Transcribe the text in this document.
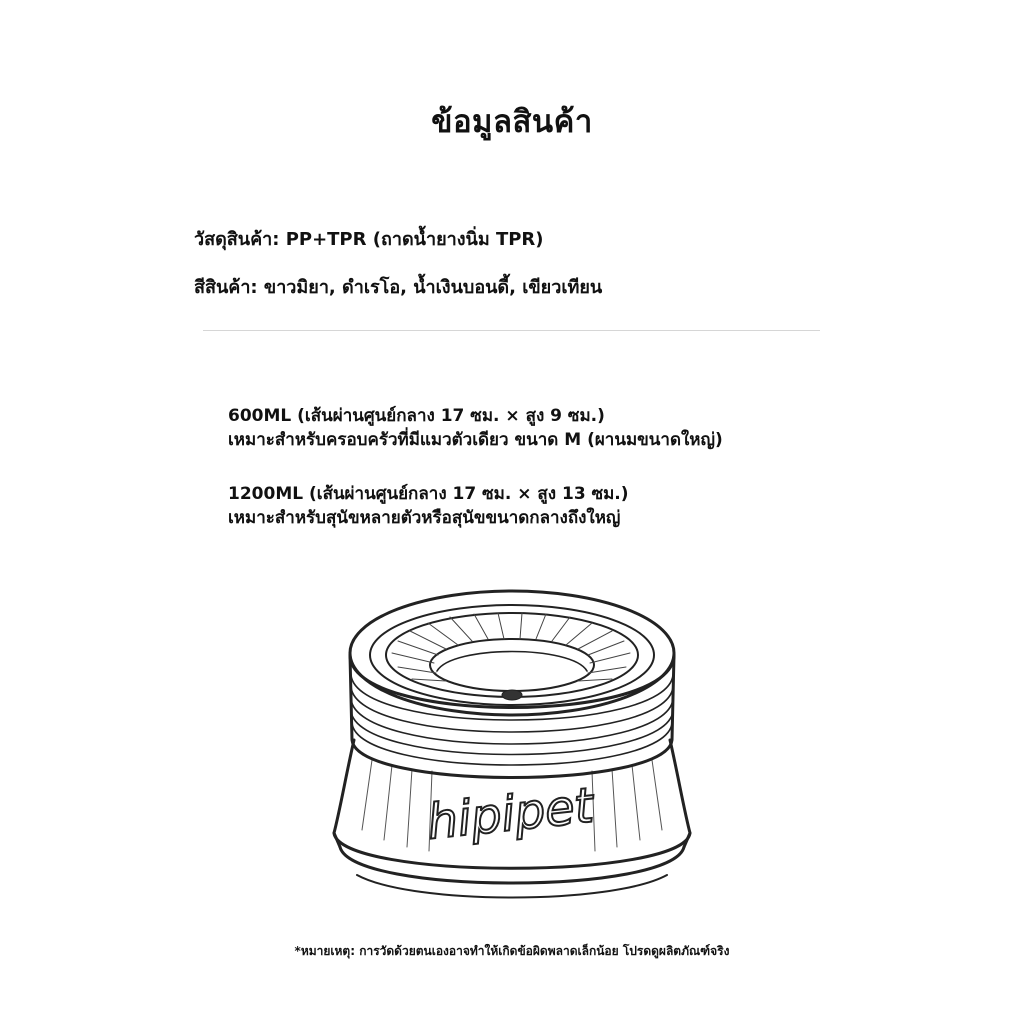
ข้อมูลสินค้า
วัสดุสินค้า: PP+TPR (ถาดน้ำยางนิ่ม TPR)
สีสินค้า: ขาวมิยา, ดำเรโอ, น้ำเงินบอนดี้, เขียวเทียน
600ML (เส้นผ่านศูนย์กลาง 17 ซม. × สูง 9 ซม.)
เหมาะสำหรับครอบครัวที่มีแมวตัวเดียว ขนาด M (ผานมขนาดใหญ่)
1200ML (เส้นผ่านศูนย์กลาง 17 ซม. × สูง 13 ซม.)
เหมาะสำหรับสุนัขหลายตัวหรือสุนัขขนาดกลางถึงใหญ่
hipipet
*หมายเหตุ: การวัดด้วยตนเองอาจทำให้เกิดข้อผิดพลาดเล็กน้อย โปรดดูผลิตภัณฑ์จริง
